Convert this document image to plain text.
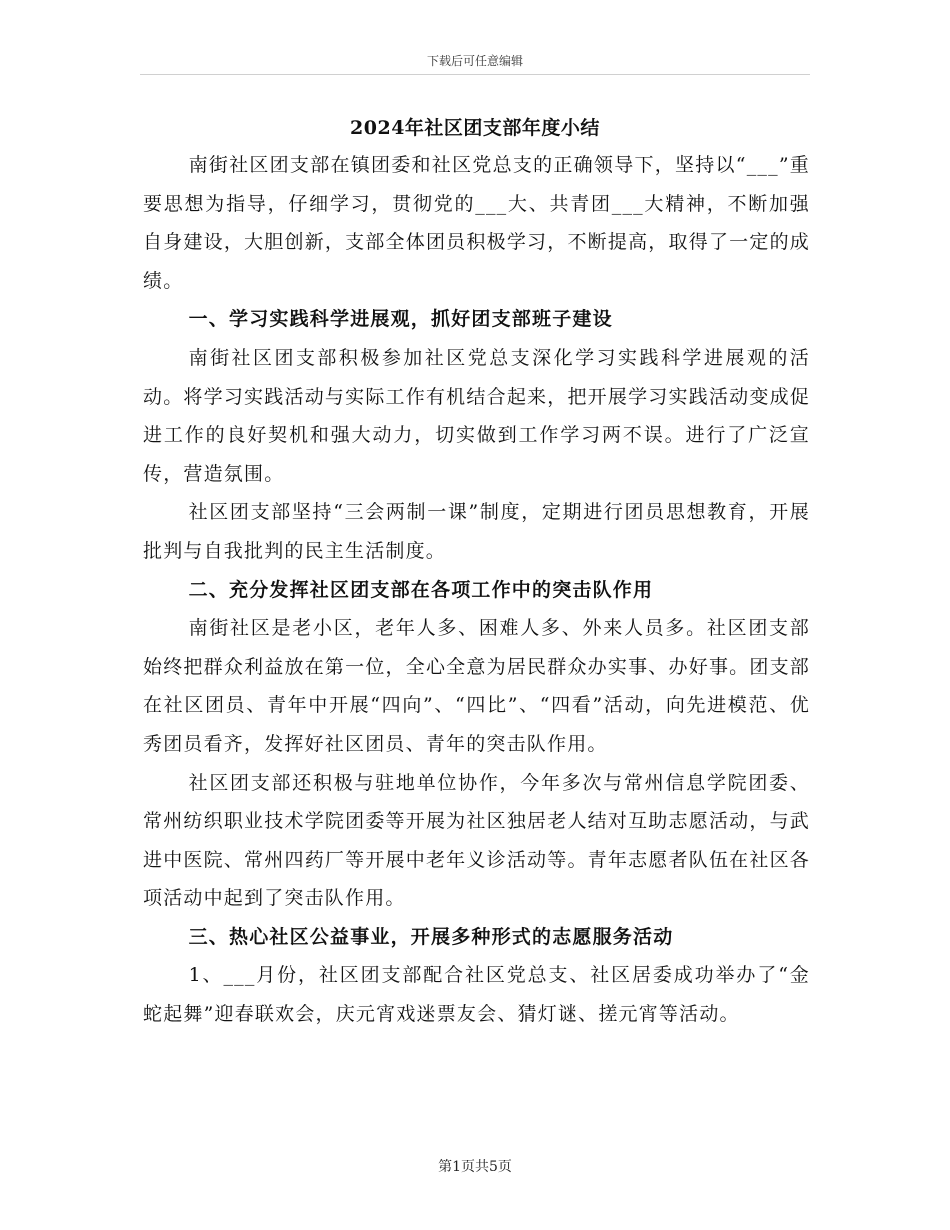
下载后可任意编辑
2024年社区团支部年度小结

南街社区团支部在镇团委和社区党总支的正确领导下，坚持以“___”重要思想为指导，仔细学习，贯彻党的___大、共青团___大精神，不断加强自身建设，大胆创新，支部全体团员积极学习，不断提高，取得了一定的成绩。

一、学习实践科学进展观，抓好团支部班子建设

南街社区团支部积极参加社区党总支深化学习实践科学进展观的活动。将学习实践活动与实际工作有机结合起来，把开展学习实践活动变成促进工作的良好契机和强大动力，切实做到工作学习两不误。进行了广泛宣传，营造氛围。

社区团支部坚持“三会两制一课”制度，定期进行团员思想教育，开展批判与自我批判的民主生活制度。

二、充分发挥社区团支部在各项工作中的突击队作用

南街社区是老小区，老年人多、困难人多、外来人员多。社区团支部始终把群众利益放在第一位，全心全意为居民群众办实事、办好事。团支部在社区团员、青年中开展“四向”、“四比”、“四看”活动，向先进模范、优秀团员看齐，发挥好社区团员、青年的突击队作用。

社区团支部还积极与驻地单位协作，今年多次与常州信息学院团委、常州纺织职业技术学院团委等开展为社区独居老人结对互助志愿活动，与武进中医院、常州四药厂等开展中老年义诊活动等。青年志愿者队伍在社区各项活动中起到了突击队作用。

三、热心社区公益事业，开展多种形式的志愿服务活动

1、___月份，社区团支部配合社区党总支、社区居委成功举办了“金蛇起舞”迎春联欢会，庆元宵戏迷票友会、猜灯谜、搓元宵等活动。

第1页共5页
